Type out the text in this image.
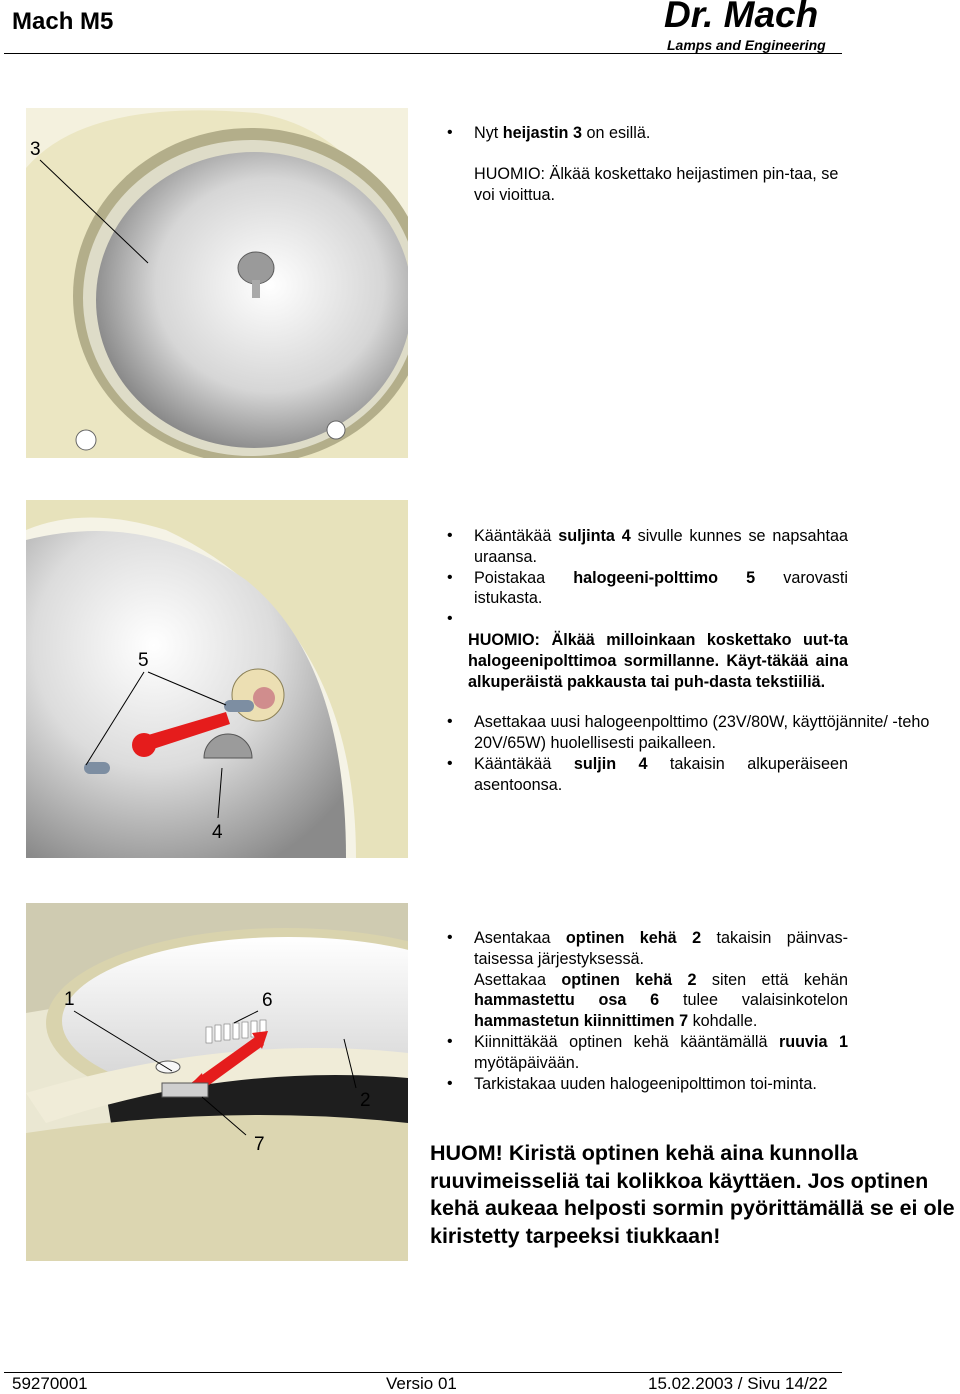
Mach M5	Dr. Mach
Lamps and Engineering
3
• Nyt heijastin 3 on esillä.
HUOMIO: Älkää koskettako heijastimen pin-taa, se voi vioittua.
5
4
• Kääntäkää suljinta 4 sivulle kunnes se napsahtaa uraansa.
• Poistakaa halogeeni-polttimo 5 varovasti istukasta.
•
HUOMIO: Älkää milloinkaan koskettako uut-ta halogeenipolttimoa sormillanne. Käyt-täkää aina alkuperäistä pakkausta tai puh-dasta tekstiiliä.
• Asettakaa uusi halogeenpolttimo (23V/80W, käyttöjännite/ -teho 20V/65W) huolellisesti paikalleen.
• Kääntäkää suljin 4 takaisin alkuperäiseen asentoonsa.
1	6
2
7
• Asentakaa optinen kehä 2 takaisin päinvas-taisessa järjestyksessä.
Asettakaa optinen kehä 2 siten että kehän hammastettu osa 6 tulee valaisinkotelon hammastetun kiinnittimen 7 kohdalle.
• Kiinnittäkää optinen kehä kääntämällä ruuvia 1 myötäpäivään.
• Tarkistakaa uuden halogeenipolttimon toi-minta.
HUOM! Kiristä optinen kehä aina kunnolla ruuvimeisseliä tai kolikkoa käyttäen. Jos optinen kehä aukeaa helposti sormin pyörittämällä se ei ole kiristetty tarpeeksi tiukkaan!
59270001	Versio 01	15.02.2003 / Sivu 14/22
